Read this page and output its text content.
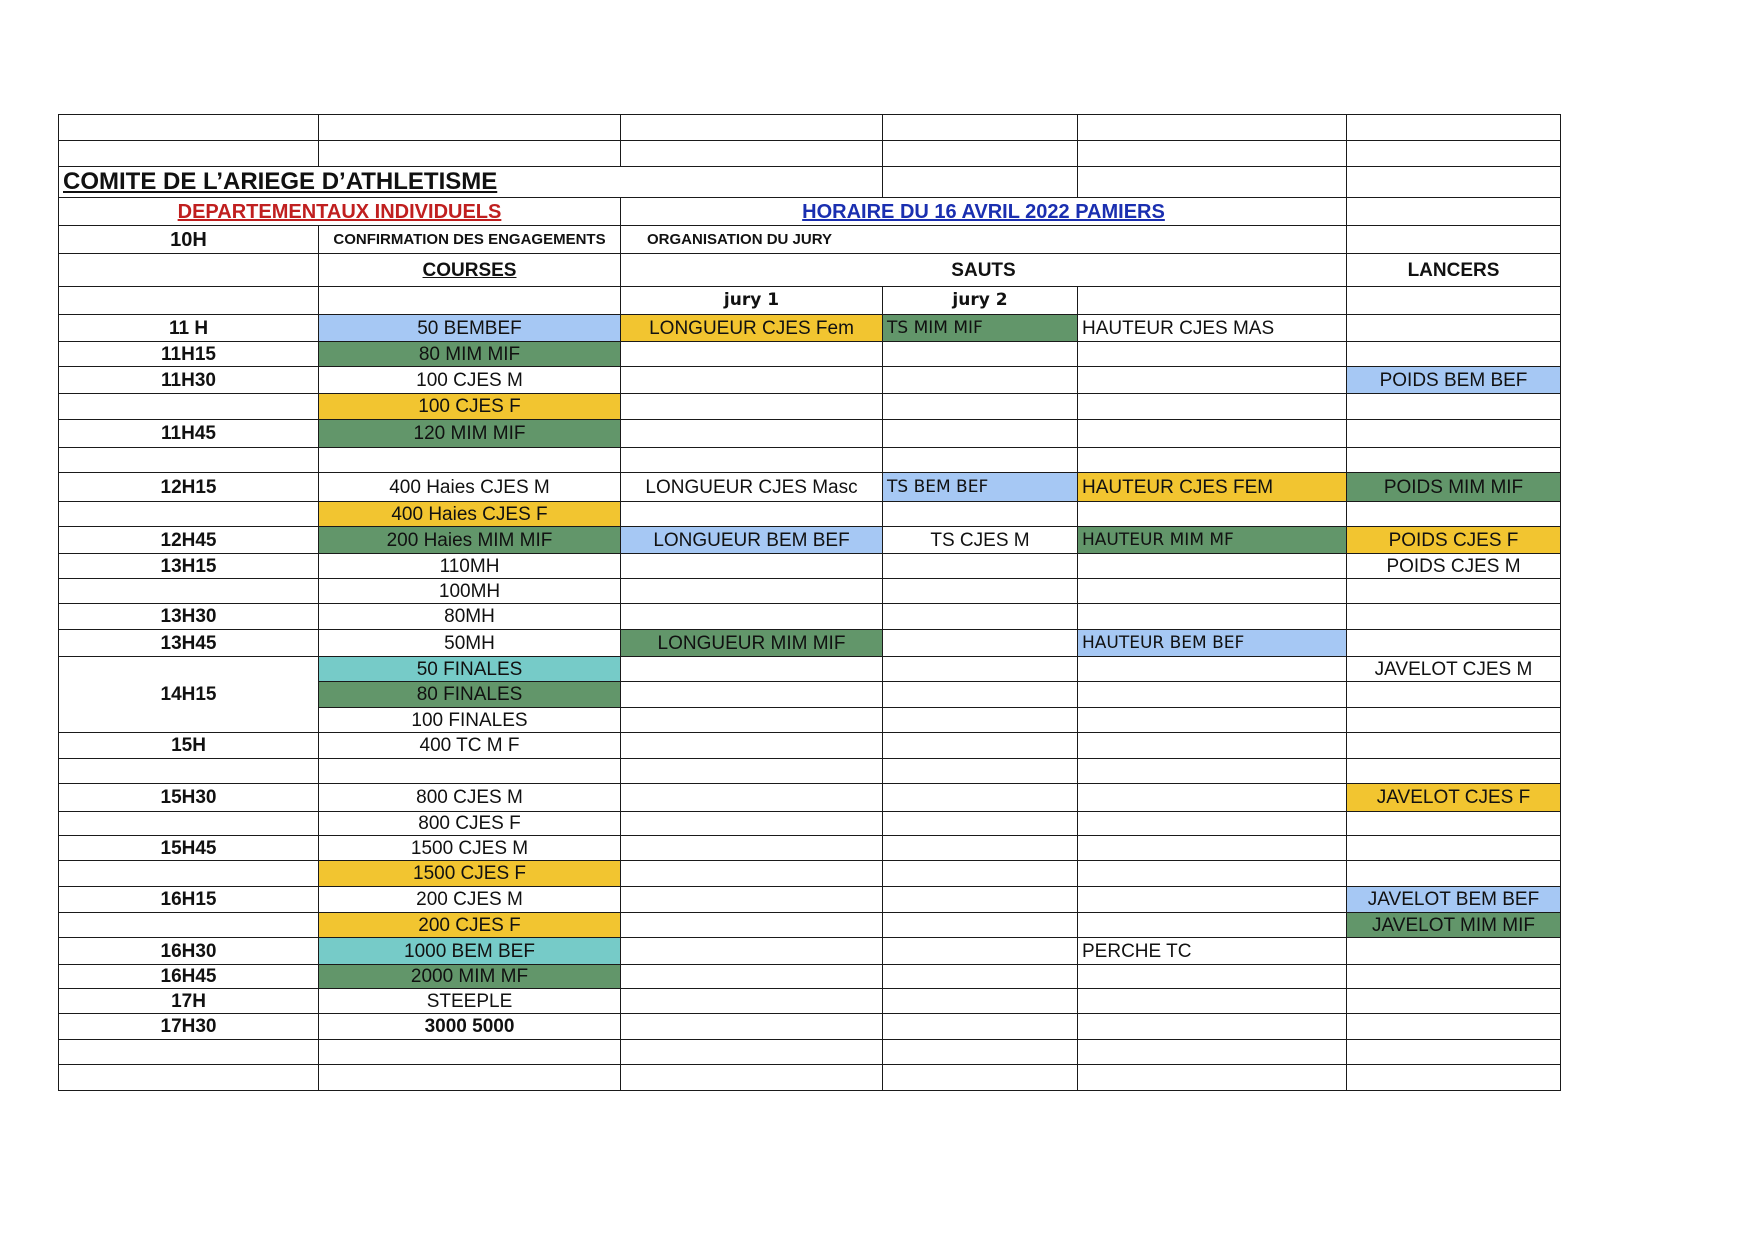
COMITE DE L’ARIEGE D’ATHLETISME					
DEPARTEMENTAUX INDIVIDUELS		HORAIRE DU 16 AVRIL 2022 PAMIERS			
10H	CONFIRMATION DES ENGAGEMENTS	ORGANISATION DU JURY			
	COURSES	SAUTS			LANCERS
		jury 1	jury 2		
11 H	50 BEMBEF	LONGUEUR CJES Fem	TS MIM MIF	HAUTEUR CJES MAS	
11H15	80 MIM MIF				
11H30	100 CJES M				POIDS BEM BEF
	100 CJES F				
11H45	120 MIM MIF				

12H15	400 Haies CJES M	LONGUEUR CJES Masc	TS BEM BEF	HAUTEUR CJES FEM	POIDS MIM MIF
	400 Haies CJES F				
12H45	200 Haies MIM MIF	LONGUEUR BEM BEF	TS CJES M	HAUTEUR MIM MF	POIDS CJES F
13H15	110MH				POIDS CJES M
	100MH				
13H30	80MH				
13H45	50MH	LONGUEUR MIM MIF		HAUTEUR BEM BEF	
14H15	50 FINALES				JAVELOT CJES M
	80 FINALES				
	100 FINALES				
15H	400 TC M F				

15H30	800 CJES M				JAVELOT CJES F
	800 CJES F				
15H45	1500 CJES M				
	1500 CJES F				
16H15	200 CJES M				JAVELOT BEM BEF
	200 CJES F				JAVELOT MIM MIF
16H30	1000 BEM BEF			PERCHE TC	
16H45	2000 MIM MF				
17H	STEEPLE				
17H30	3000 5000				
